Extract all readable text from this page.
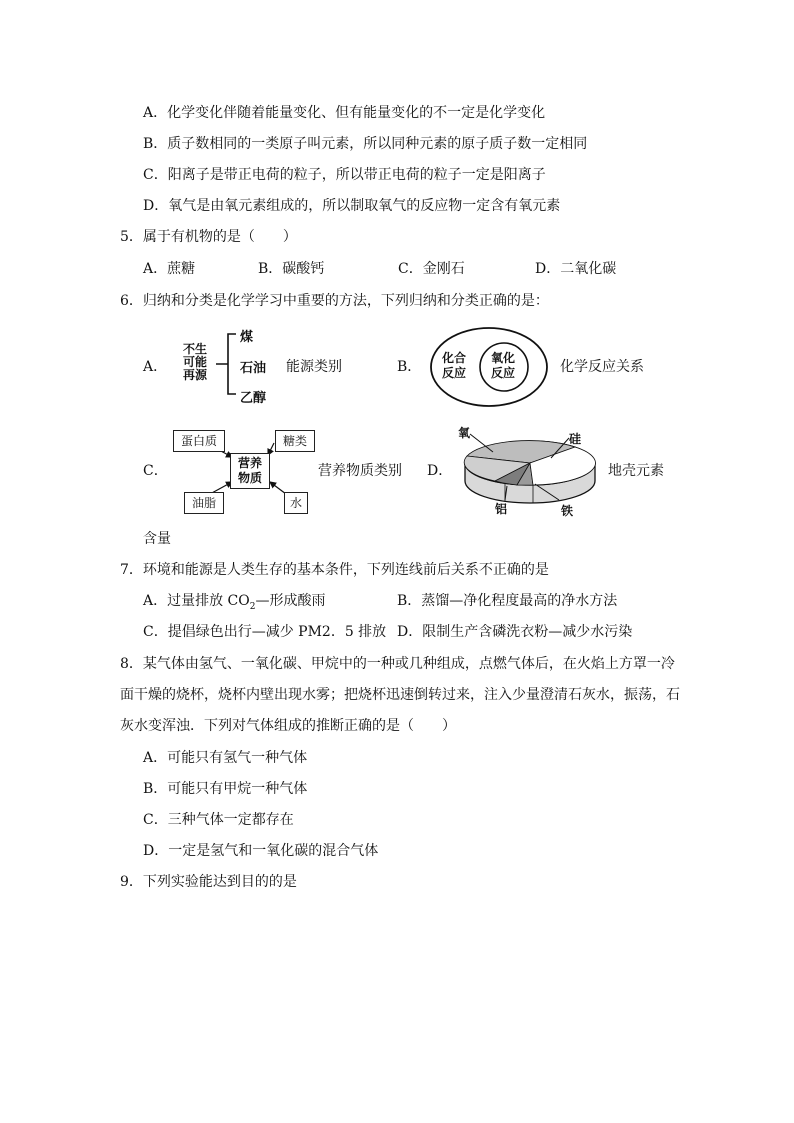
A．化学变化伴随着能量变化、但有能量变化的不一定是化学变化
B．质子数相同的一类原子叫元素，所以同种元素的原子质子数一定相同
C．阳离子是带正电荷的粒子，所以带正电荷的粒子一定是阳离子
D．氧气是由氧元素组成的，所以制取氧气的反应物一定含有氧元素
5．属于有机物的是（　　）
A．蔗糖	B．碳酸钙	C．金刚石	D．二氧化碳
6．归纳和分类是化学学习中重要的方法，下列归纳和分类正确的是：
A．
不生
可能
再源
煤
石油
乙醇
能源类别	B．
化合
反应
氧化
反应	化学反应关系
C．
蛋白质	糖类
营养
物质
油脂	水
营养物质类别 D．
氧	硅
铝	铁
地壳元素
含量
7．环境和能源是人类生存的基本条件，下列连线前后关系不正确的是
A．过量排放 $CO_2—$形成酸雨	B．蒸馏—净化程度最高的净水方法
C．提倡绿色出行—减少 PM2．5 排放 D．限制生产含磷洗衣粉—减少水污染
8．某气体由氢气、一氧化碳、甲烷中的一种或几种组成，点燃气体后，在火焰上方罩一冷
面干燥的烧杯，烧杯内壁出现水雾；把烧杯迅速倒转过来，注入少量澄清石灰水，振荡，石
灰水变浑浊．下列对气体组成的推断正确的是（　　）
A．可能只有氢气一种气体
B．可能只有甲烷一种气体
C．三种气体一定都存在
D．一定是氢气和一氧化碳的混合气体
9．下列实验能达到目的的是
